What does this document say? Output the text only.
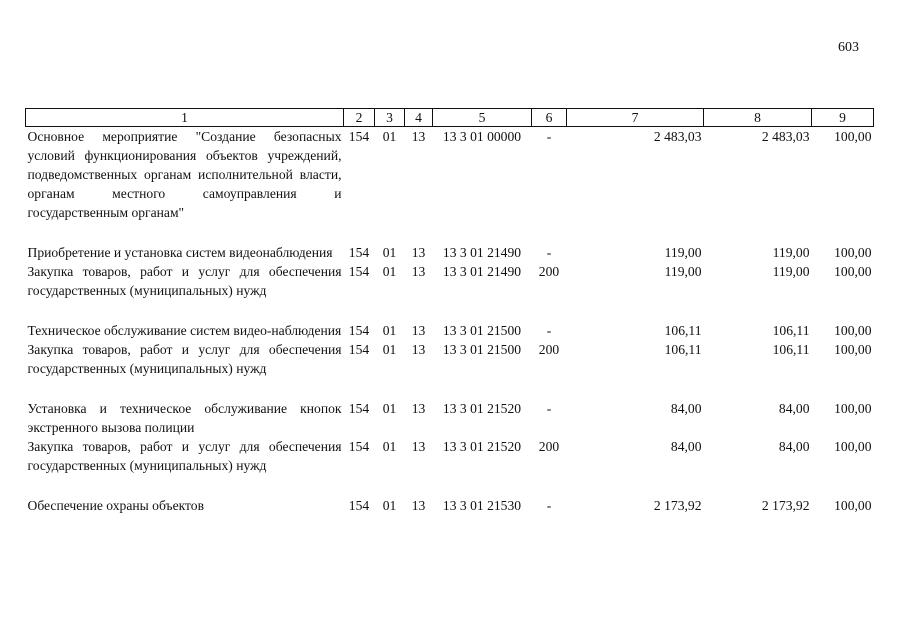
603
1	2	3	4	5	6	7	8	9
Основное мероприятие "Создание безопасных условий функционирования объектов учреждений, подведомственных органам исполнительной власти, органам местного самоуправления и государственным органам"	154	01	13	13 3 01 00000	-	2 483,03	2 483,03	100,00

Приобретение и установка систем видеонаблюдения	154	01	13	13 3 01 21490	-	119,00	119,00	100,00
Закупка товаров, работ и услуг для обеспечения государственных (муниципальных) нужд	154	01	13	13 3 01 21490	200	119,00	119,00	100,00

Техническое обслуживание систем видео-наблюдения	154	01	13	13 3 01 21500	-	106,11	106,11	100,00
Закупка товаров, работ и услуг для обеспечения государственных (муниципальных) нужд	154	01	13	13 3 01 21500	200	106,11	106,11	100,00

Установка и техническое обслуживание кнопок экстренного вызова полиции	154	01	13	13 3 01 21520	-	84,00	84,00	100,00
Закупка товаров, работ и услуг для обеспечения государственных (муниципальных) нужд	154	01	13	13 3 01 21520	200	84,00	84,00	100,00

Обеспечение охраны объектов	154	01	13	13 3 01 21530	-	2 173,92	2 173,92	100,00
